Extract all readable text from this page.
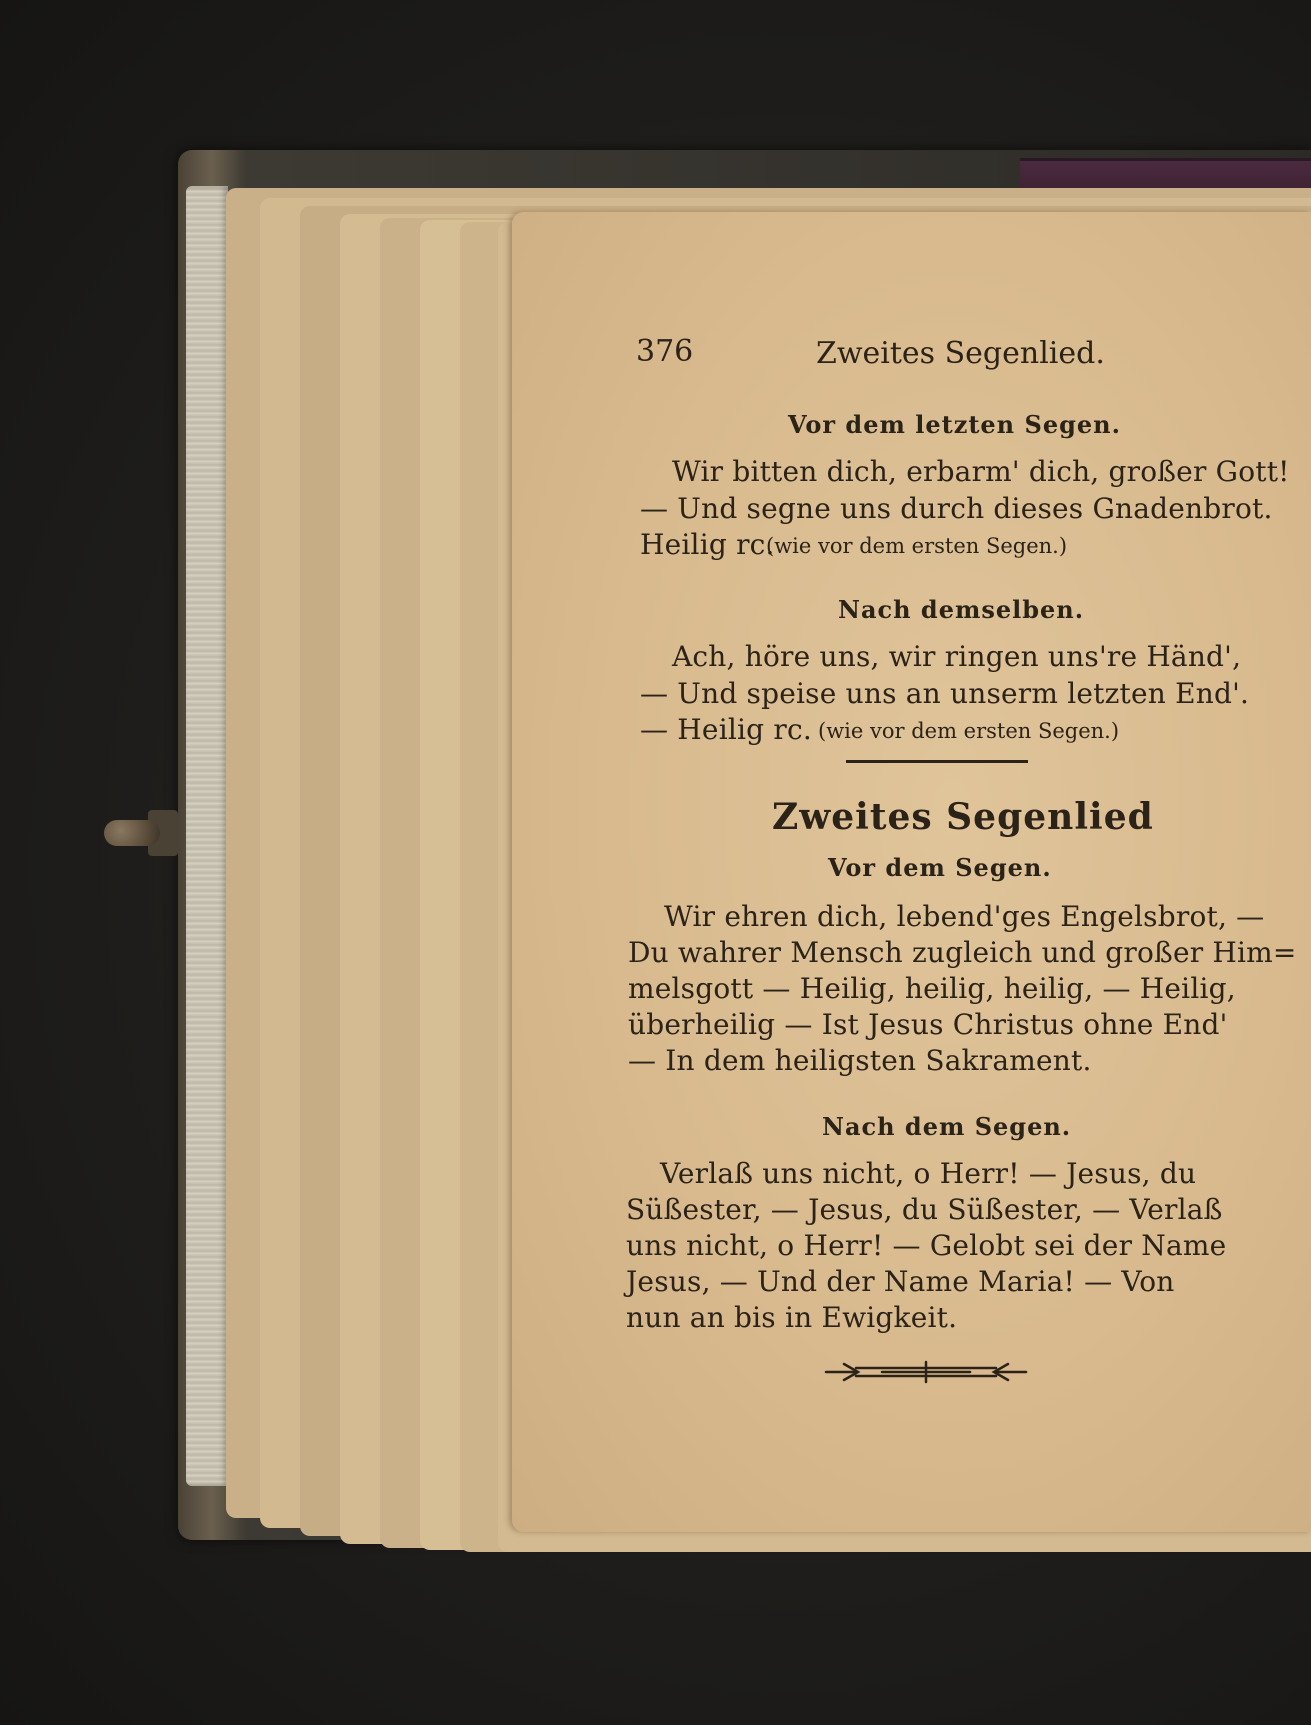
376	Zweites Segenlied.
Vor dem letzten Segen.
Wir bitten dich, erbarm' dich, großer Gott!
— Und segne uns durch dieses Gnadenbrot.
Heilig rc.
(wie vor dem ersten Segen.)
Nach demselben.
Ach, höre uns, wir ringen uns're Händ',
— Und speise uns an unserm letzten End'.
— Heilig rc. (wie vor dem ersten Segen.)
Zweites Segenlied
Vor dem Segen.
Wir ehren dich, lebend'ges Engelsbrot, —
Du wahrer Mensch zugleich und großer Him=
melsgott — Heilig, heilig, heilig, — Heilig,
überheilig — Ist Jesus Christus ohne End'
— In dem heiligsten Sakrament.
Nach dem Segen.
Verlaß uns nicht, o Herr! — Jesus, du
Süßester, — Jesus, du Süßester, — Verlaß
uns nicht, o Herr! — Gelobt sei der Name
Jesus, — Und der Name Maria! — Von
nun an bis in Ewigkeit.
